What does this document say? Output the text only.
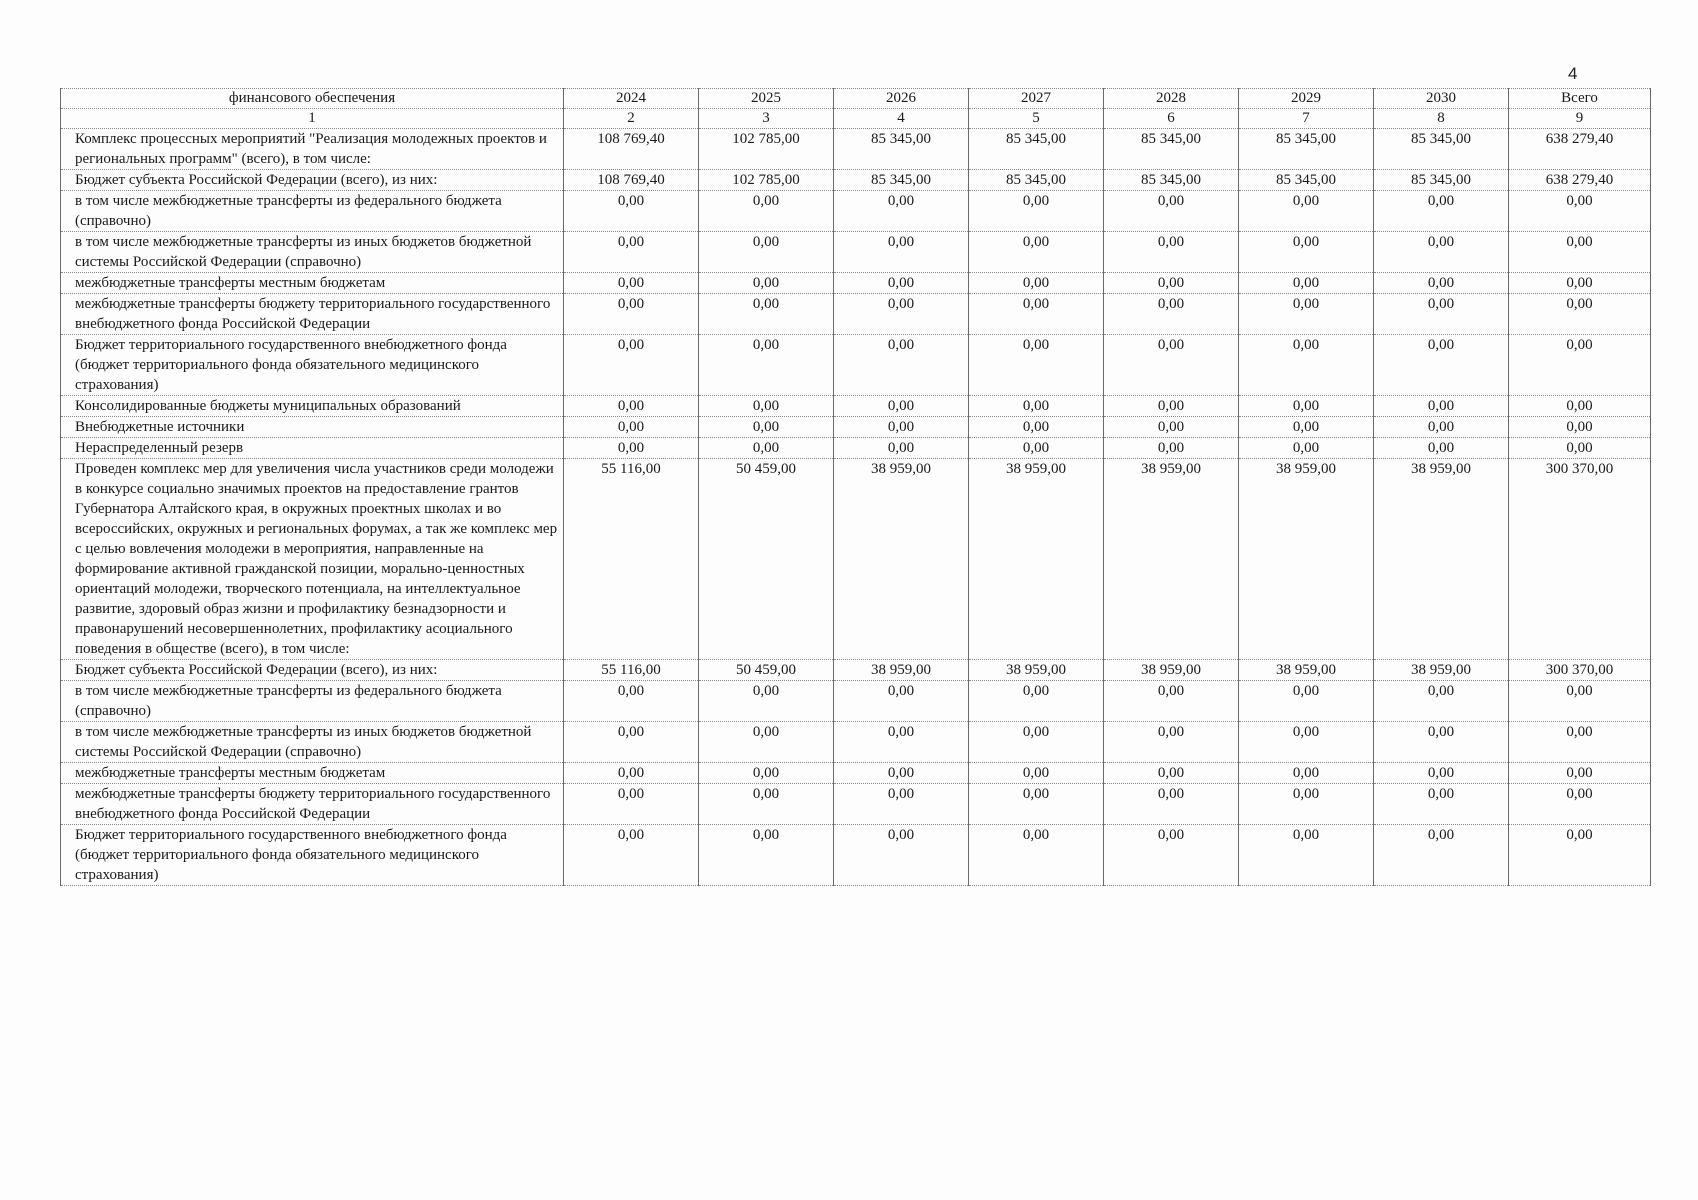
4
финансового обеспечения	2024	2025	2026	2027	2028	2029	2030	Всего
1	2	3	4	5	6	7	8	9
Комплекс процессных мероприятий "Реализация молодежных проектов и региональных программ" (всего), в том числе:	108 769,40	102 785,00	85 345,00	85 345,00	85 345,00	85 345,00	85 345,00	638 279,40
Бюджет субъекта Российской Федерации (всего), из них:	108 769,40	102 785,00	85 345,00	85 345,00	85 345,00	85 345,00	85 345,00	638 279,40
в том числе межбюджетные трансферты из федерального бюджета (справочно)	0,00	0,00	0,00	0,00	0,00	0,00	0,00	0,00
в том числе межбюджетные трансферты из иных бюджетов бюджетной системы Российской Федерации (справочно)	0,00	0,00	0,00	0,00	0,00	0,00	0,00	0,00
межбюджетные трансферты местным бюджетам	0,00	0,00	0,00	0,00	0,00	0,00	0,00	0,00
межбюджетные трансферты бюджету территориального государственного внебюджетного фонда Российской Федерации	0,00	0,00	0,00	0,00	0,00	0,00	0,00	0,00
Бюджет территориального государственного внебюджетного фонда (бюджет территориального фонда обязательного медицинского страхования)	0,00	0,00	0,00	0,00	0,00	0,00	0,00	0,00
Консолидированные бюджеты муниципальных образований	0,00	0,00	0,00	0,00	0,00	0,00	0,00	0,00
Внебюджетные источники	0,00	0,00	0,00	0,00	0,00	0,00	0,00	0,00
Нераспределенный резерв	0,00	0,00	0,00	0,00	0,00	0,00	0,00	0,00
Проведен комплекс мер для увеличения числа участников среди молодежи в конкурсе социально значимых проектов на предоставление грантов Губернатора Алтайского края, в окружных проектных школах и во всероссийских, окружных и региональных форумах, а так же комплекс мер с целью вовлечения молодежи в мероприятия, направленные на формирование активной гражданской позиции, морально-ценностных ориентаций молодежи, творческого потенциала, на интеллектуальное развитие, здоровый образ жизни и профилактику безнадзорности и правонарушений несовершеннолетних, профилактику асоциального поведения в обществе (всего), в том числе:	55 116,00	50 459,00	38 959,00	38 959,00	38 959,00	38 959,00	38 959,00	300 370,00
Бюджет субъекта Российской Федерации (всего), из них:	55 116,00	50 459,00	38 959,00	38 959,00	38 959,00	38 959,00	38 959,00	300 370,00
в том числе межбюджетные трансферты из федерального бюджета (справочно)	0,00	0,00	0,00	0,00	0,00	0,00	0,00	0,00
в том числе межбюджетные трансферты из иных бюджетов бюджетной системы Российской Федерации (справочно)	0,00	0,00	0,00	0,00	0,00	0,00	0,00	0,00
межбюджетные трансферты местным бюджетам	0,00	0,00	0,00	0,00	0,00	0,00	0,00	0,00
межбюджетные трансферты бюджету территориального государственного внебюджетного фонда Российской Федерации	0,00	0,00	0,00	0,00	0,00	0,00	0,00	0,00
Бюджет территориального государственного внебюджетного фонда (бюджет территориального фонда обязательного медицинского страхования)	0,00	0,00	0,00	0,00	0,00	0,00	0,00	0,00
